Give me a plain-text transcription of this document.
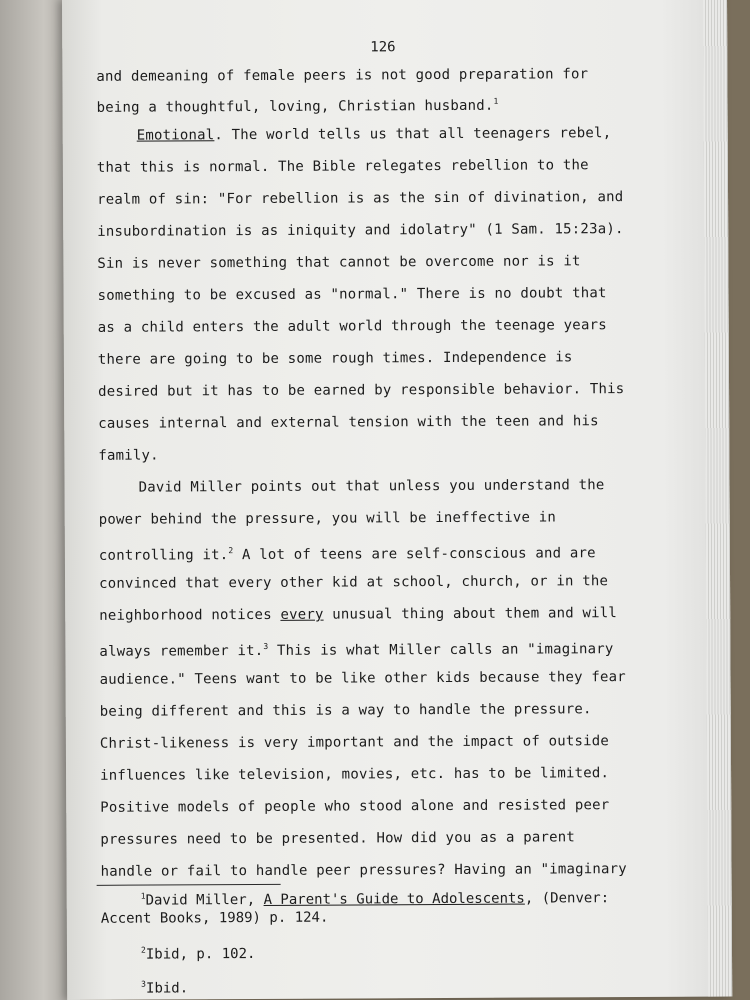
126
and demeaning of female peers is not good preparation for
being a thoughtful, loving, Christian husband.$^1$
Emotional. The world tells us that all teenagers rebel,
that this is normal. The Bible relegates rebellion to the
realm of sin: "For rebellion is as the sin of divination, and
insubordination is as iniquity and idolatry" (1 Sam. 15:23a).
Sin is never something that cannot be overcome nor is it
something to be excused as "normal." There is no doubt that
as a child enters the adult world through the teenage years
there are going to be some rough times. Independence is
desired but it has to be earned by responsible behavior. This
causes internal and external tension with the teen and his
family.
David Miller points out that unless you understand the
power behind the pressure, you will be ineffective in
controlling it.$^2$ A lot of teens are self-conscious and are
convinced that every other kid at school, church, or in the
neighborhood notices every unusual thing about them and will
always remember it.$^3$ This is what Miller calls an "imaginary
audience." Teens want to be like other kids because they fear
being different and this is a way to handle the pressure.
Christ-likeness is very important and the impact of outside
influences like television, movies, etc. has to be limited.
Positive models of people who stood alone and resisted peer
pressures need to be presented. How did you as a parent
handle or fail to handle peer pressures? Having an "imaginary
$^1$David Miller, A Parent's Guide to Adolescents, (Denver:
Accent Books, 1989) p. 124.
$^2$Ibid, p. 102.
$^3$Ibid.
